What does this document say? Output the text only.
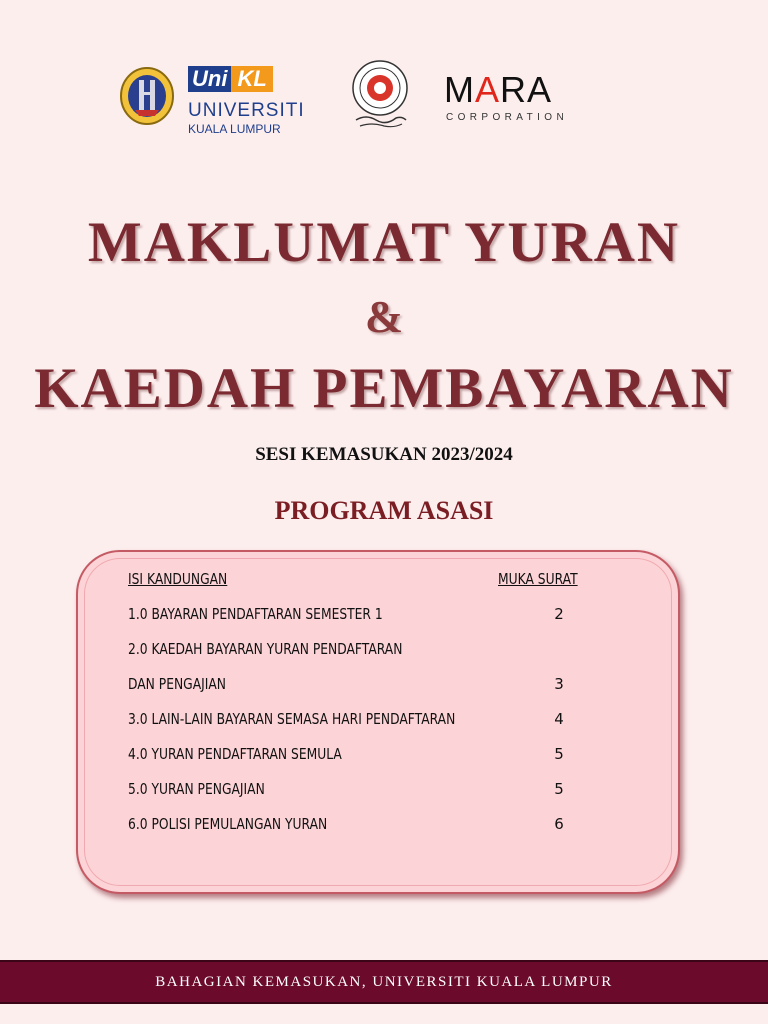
Uni KL
UNIVERSITI
KUALA LUMPUR
MARA
CORPORATION
MAKLUMAT YURAN
&
KAEDAH PEMBAYARAN
SESI KEMASUKAN 2023/2024
PROGRAM ASASI
ISI KANDUNGAN	MUKA SURAT
1.0 BAYARAN PENDAFTARAN SEMESTER 1	2
2.0 KAEDAH BAYARAN YURAN PENDAFTARAN
DAN PENGAJIAN	3
3.0 LAIN-LAIN BAYARAN SEMASA HARI PENDAFTARAN	4
4.0 YURAN PENDAFTARAN SEMULA	5
5.0 YURAN PENGAJIAN	5
6.0 POLISI PEMULANGAN YURAN	6
BAHAGIAN KEMASUKAN, UNIVERSITI KUALA LUMPUR
